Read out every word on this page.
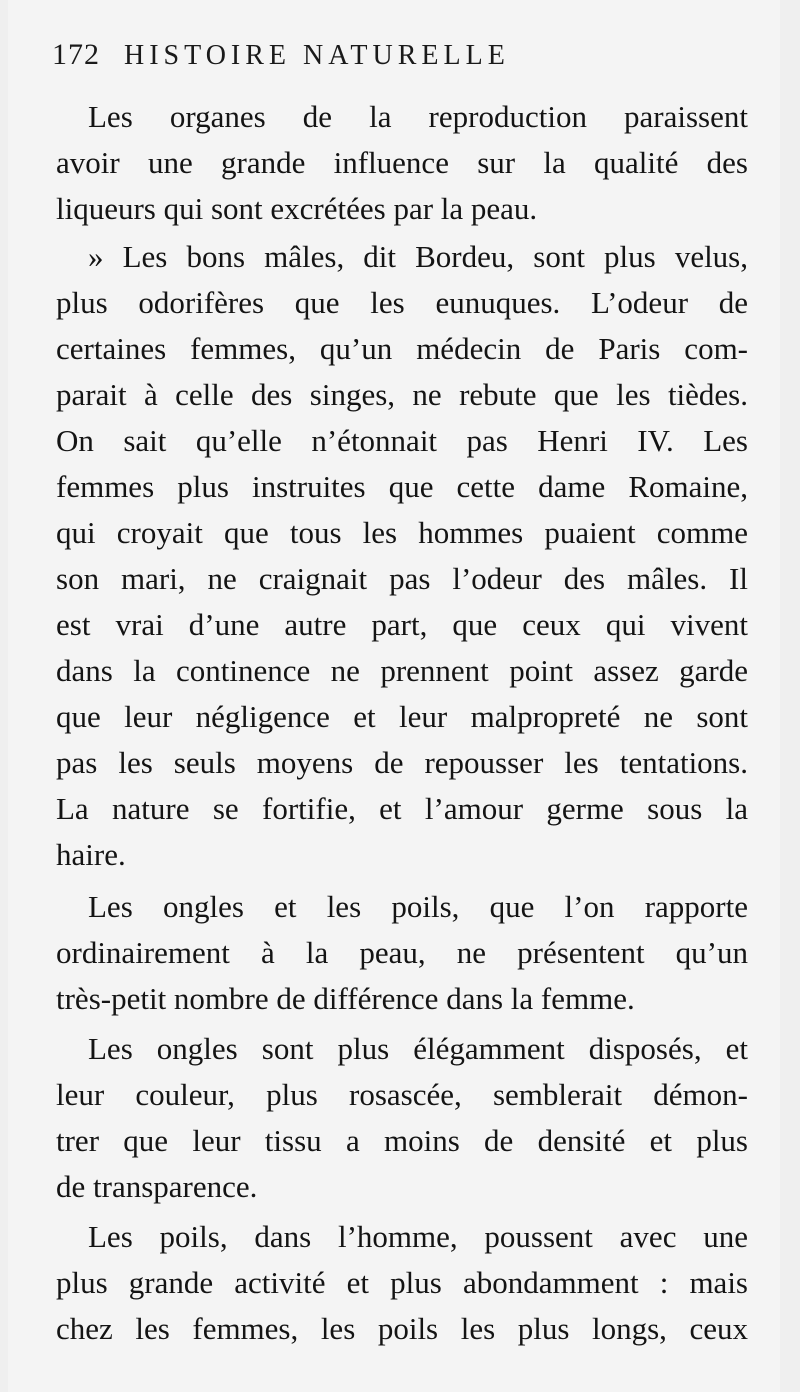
172 HISTOIRE NATURELLE
Les organes de la reproduction paraissent
avoir une grande influence sur la qualité des
liqueurs qui sont excrétées par la peau.
» Les bons mâles, dit Bordeu, sont plus velus,
plus odorifères que les eunuques. L’odeur de
certaines femmes, qu’un médecin de Paris com-
parait à celle des singes, ne rebute que les tièdes.
On sait qu’elle n’étonnait pas Henri IV. Les
femmes plus instruites que cette dame Romaine,
qui croyait que tous les hommes puaient comme
son mari, ne craignait pas l’odeur des mâles. Il
est vrai d’une autre part, que ceux qui vivent
dans la continence ne prennent point assez garde
que leur négligence et leur malpropreté ne sont
pas les seuls moyens de repousser les tentations.
La nature se fortifie, et l’amour germe sous la
haire.
Les ongles et les poils, que l’on rapporte
ordinairement à la peau, ne présentent qu’un
très-petit nombre de différence dans la femme.
Les ongles sont plus élégamment disposés, et
leur couleur, plus rosascée, semblerait démon-
trer que leur tissu a moins de densité et plus
de transparence.
Les poils, dans l’homme, poussent avec une
plus grande activité et plus abondamment : mais
chez les femmes, les poils les plus longs, ceux
